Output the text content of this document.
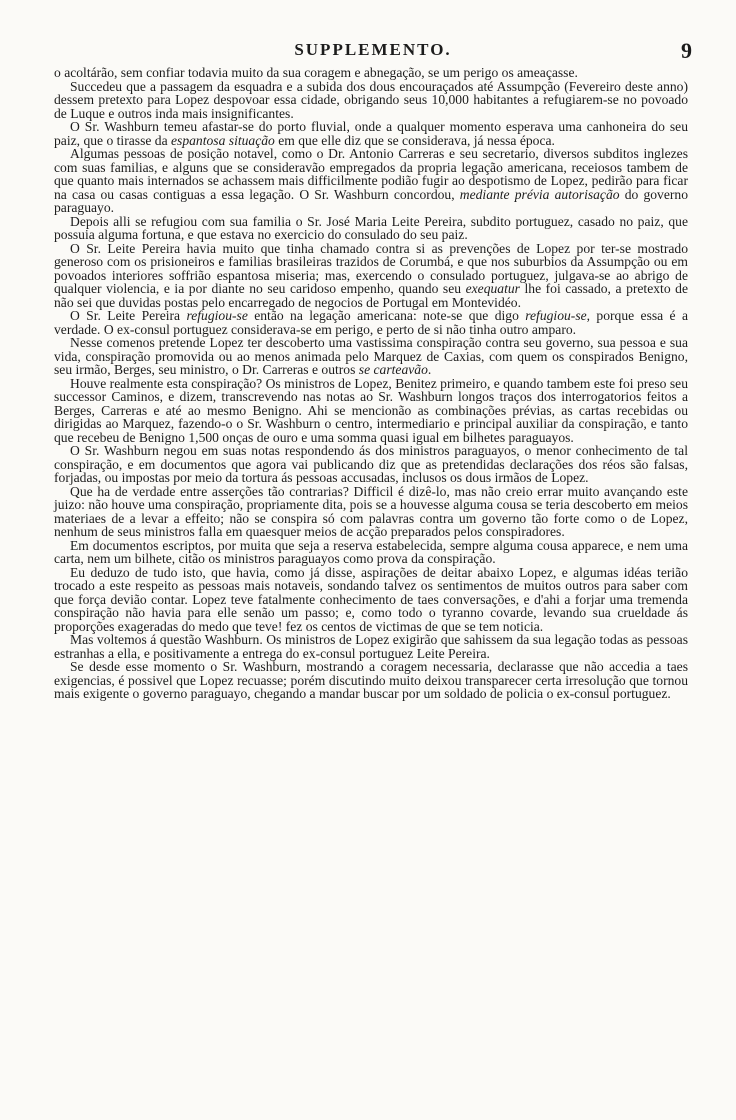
SUPPLEMENTO.	9

o acoltárão, sem confiar todavia muito da sua coragem e abnegação, se um perigo os ameaçasse.

Succedeu que a passagem da esquadra e a subida dos dous encouraçados até Assumpção (Fevereiro deste anno) dessem pretexto para Lopez despovoar essa cidade, obrigando seus 10,000 habitantes a refugiarem-se no povoado de Luque e outros inda mais insignificantes.

O Sr. Washburn temeu afastar-se do porto fluvial, onde a qualquer momento esperava uma canhoneira do seu paiz, que o tirasse da espantosa situação em que elle diz que se considerava, já nessa época.

Algumas pessoas de posição notavel, como o Dr. Antonio Carreras e seu secretario, diversos subditos inglezes com suas familias, e alguns que se consideravão empregados da propria legação americana, receiosos tambem de que quanto mais internados se achassem mais difficilmente podião fugir ao despotismo de Lopez, pedirão para ficar na casa ou casas contiguas a essa legação. O Sr. Washburn concordou, mediante prévia autorisação do governo paraguayo.

Depois alli se refugiou com sua familia o Sr. José Maria Leite Pereira, subdito portuguez, casado no paiz, que possuia alguma fortuna, e que estava no exercicio do consulado do seu paiz.

O Sr. Leite Pereira havia muito que tinha chamado contra si as prevenções de Lopez por ter-se mostrado generoso com os prisioneiros e familias brasileiras trazidos de Corumbá, e que nos suburbios da Assumpção ou em povoados interiores soffrião espantosa miseria; mas, exercendo o consulado portuguez, julgava-se ao abrigo de qualquer violencia, e ia por diante no seu caridoso empenho, quando seu exequatur lhe foi cassado, a pretexto de não sei que duvidas postas pelo encarregado de negocios de Portugal em Montevidéo.

O Sr. Leite Pereira refugiou-se então na legação americana: note-se que digo refugiou-se, porque essa é a verdade. O ex-consul portuguez considerava-se em perigo, e perto de si não tinha outro amparo.

Nesse comenos pretende Lopez ter descoberto uma vastissima conspiração contra seu governo, sua pessoa e sua vida, conspiração promovida ou ao menos animada pelo Marquez de Caxias, com quem os conspirados Benigno, seu irmão, Berges, seu ministro, o Dr. Carreras e outros se carteavão.

Houve realmente esta conspiração? Os ministros de Lopez, Benitez primeiro, e quando tambem este foi preso seu successor Caminos, e dizem, transcrevendo nas notas ao Sr. Washburn longos traços dos interrogatorios feitos a Berges, Carreras e até ao mesmo Benigno. Ahi se mencionão as combinações prévias, as cartas recebidas ou dirigidas ao Marquez, fazendo-o o Sr. Washburn o centro, intermediario e principal auxiliar da conspiração, e tanto que recebeu de Benigno 1,500 onças de ouro e uma somma quasi igual em bilhetes paraguayos.

O Sr. Washburn negou em suas notas respondendo ás dos ministros paraguayos, o menor conhecimento de tal conspiração, e em documentos que agora vai publicando diz que as pretendidas declarações dos réos são falsas, forjadas, ou impostas por meio da tortura ás pessoas accusadas, inclusos os dous irmãos de Lopez.

Que ha de verdade entre asserções tão contrarias? Difficil é dizê-lo, mas não creio errar muito avançando este juizo: não houve uma conspiração, propriamente dita, pois se a houvesse alguma cousa se teria descoberto em meios materiaes de a levar a effeito; não se conspira só com palavras contra um governo tão forte como o de Lopez, nenhum de seus ministros falla em quaesquer meios de acção preparados pelos conspiradores.

Em documentos escriptos, por muita que seja a reserva estabelecida, sempre alguma cousa apparece, e nem uma carta, nem um bilhete, citão os ministros paraguayos como prova da conspiração.

Eu deduzo de tudo isto, que havia, como já disse, aspirações de deitar abaixo Lopez, e algumas idéas terião trocado a este respeito as pessoas mais notaveis, sondando talvez os sentimentos de muitos outros para saber com que força devião contar. Lopez teve fatalmente conhecimento de taes conversações, e d'ahi a forjar uma tremenda conspiração não havia para elle senão um passo; e, como todo o tyranno covarde, levando sua crueldade ás proporções exageradas do medo que teve! fez os centos de victimas de que se tem noticia.

Mas voltemos á questão Washburn. Os ministros de Lopez exigirão que sahissem da sua legação todas as pessoas estranhas a ella, e positivamente a entrega do ex-consul portuguez Leite Pereira.

Se desde esse momento o Sr. Washburn, mostrando a coragem necessaria, declarasse que não accedia a taes exigencias, é possivel que Lopez recuasse; porém discutindo muito deixou transparecer certa irresolução que tornou mais exigente o governo paraguayo, chegando a mandar buscar por um soldado de policia o ex-consul portuguez.
